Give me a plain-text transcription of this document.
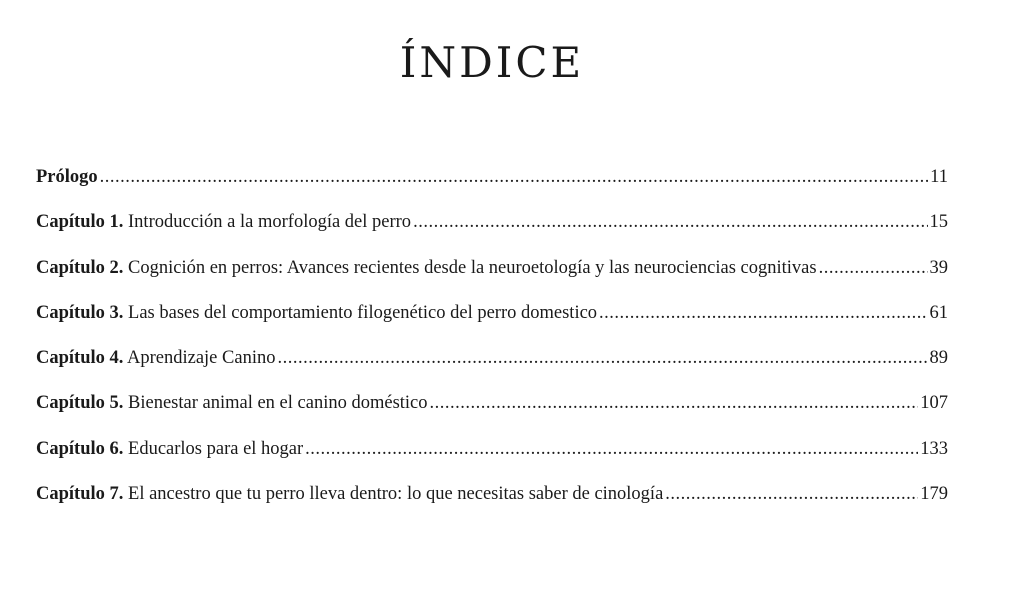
ÍNDICE
Prólogo .....	11
Capítulo 1. Introducción a la morfología del perro .....	15
Capítulo 2. Cognición en perros: Avances recientes desde la neuroetología y las neurociencias cognitivas .....	39
Capítulo 3. Las bases del comportamiento filogenético del perro domestico .....	61
Capítulo 4. Aprendizaje Canino .....	89
Capítulo 5. Bienestar animal en el canino doméstico .....	107
Capítulo 6. Educarlos para el hogar .....	133
Capítulo 7. El ancestro que tu perro lleva dentro: lo que necesitas saber de cinología .....	179
